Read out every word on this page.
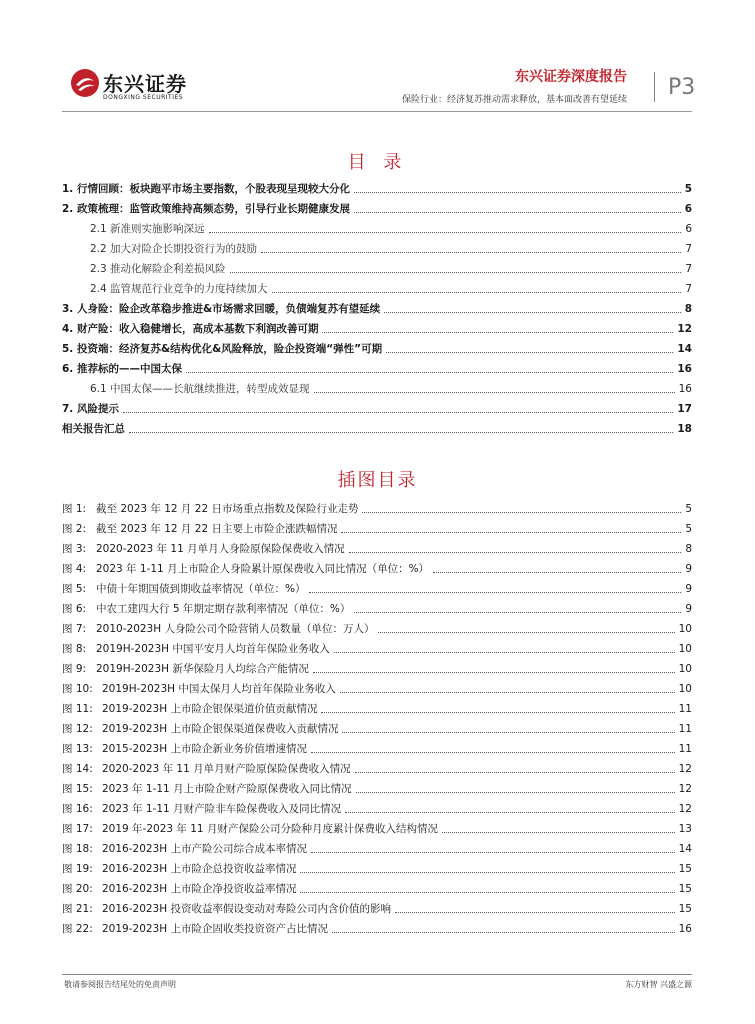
东兴证券
DONGXING SECURITIES
东兴证券深度报告 P3
保险行业：经济复苏推动需求释放，基本面改善有望延续
目 录
1. 行情回顾：板块跑平市场主要指数，个股表现呈现较大分化	5
2. 政策梳理：监管政策维持高频态势，引导行业长期健康发展	6
2.1 新准则实施影响深远	6
2.2 加大对险企长期投资行为的鼓励	7
2.3 推动化解险企利差损风险	7
2.4 监管规范行业竞争的力度持续加大	7
3. 人身险：险企改革稳步推进&市场需求回暖，负债端复苏有望延续	8
4. 财产险：收入稳健增长，高成本基数下利润改善可期	12
5. 投资端：经济复苏&结构优化&风险释放，险企投资端“弹性”可期	14
6. 推荐标的——中国太保	16
6.1 中国太保——长航继续推进，转型成效显现	16
7. 风险提示	17
相关报告汇总	18
插图目录
图 1: 截至 2023 年 12 月 22 日市场重点指数及保险行业走势	5
图 2: 截至 2023 年 12 月 22 日主要上市险企涨跌幅情况	5
图 3: 2020-2023 年 11 月单月人身险原保险保费收入情况	8
图 4: 2023 年 1-11 月上市险企人身险累计原保费收入同比情况（单位：%）	9
图 5: 中债十年期国债到期收益率情况（单位：%）	9
图 6: 中农工建四大行 5 年期定期存款利率情况（单位：%）	9
图 7: 2010-2023H 人身险公司个险营销人员数量（单位：万人）	10
图 8: 2019H-2023H 中国平安月人均首年保险业务收入	10
图 9: 2019H-2023H 新华保险月人均综合产能情况	10
图 10: 2019H-2023H 中国太保月人均首年保险业务收入	10
图 11: 2019-2023H 上市险企银保渠道价值贡献情况	11
图 12: 2019-2023H 上市险企银保渠道保费收入贡献情况	11
图 13: 2015-2023H 上市险企新业务价值增速情况	11
图 14: 2020-2023 年 11 月单月财产险原保险保费收入情况	12
图 15: 2023 年 1-11 月上市险企财产险原保费收入同比情况	12
图 16: 2023 年 1-11 月财产险非车险保费收入及同比情况	12
图 17: 2019 年-2023 年 11 月财产保险公司分险种月度累计保费收入结构情况	13
图 18: 2016-2023H 上市产险公司综合成本率情况	14
图 19: 2016-2023H 上市险企总投资收益率情况	15
图 20: 2016-2023H 上市险企净投资收益率情况	15
图 21: 2016-2023H 投资收益率假设变动对寿险公司内含价值的影响	15
图 22: 2019-2023H 上市险企固收类投资资产占比情况	16
敬请参阅报告结尾处的免责声明	东方财智 兴盛之源
